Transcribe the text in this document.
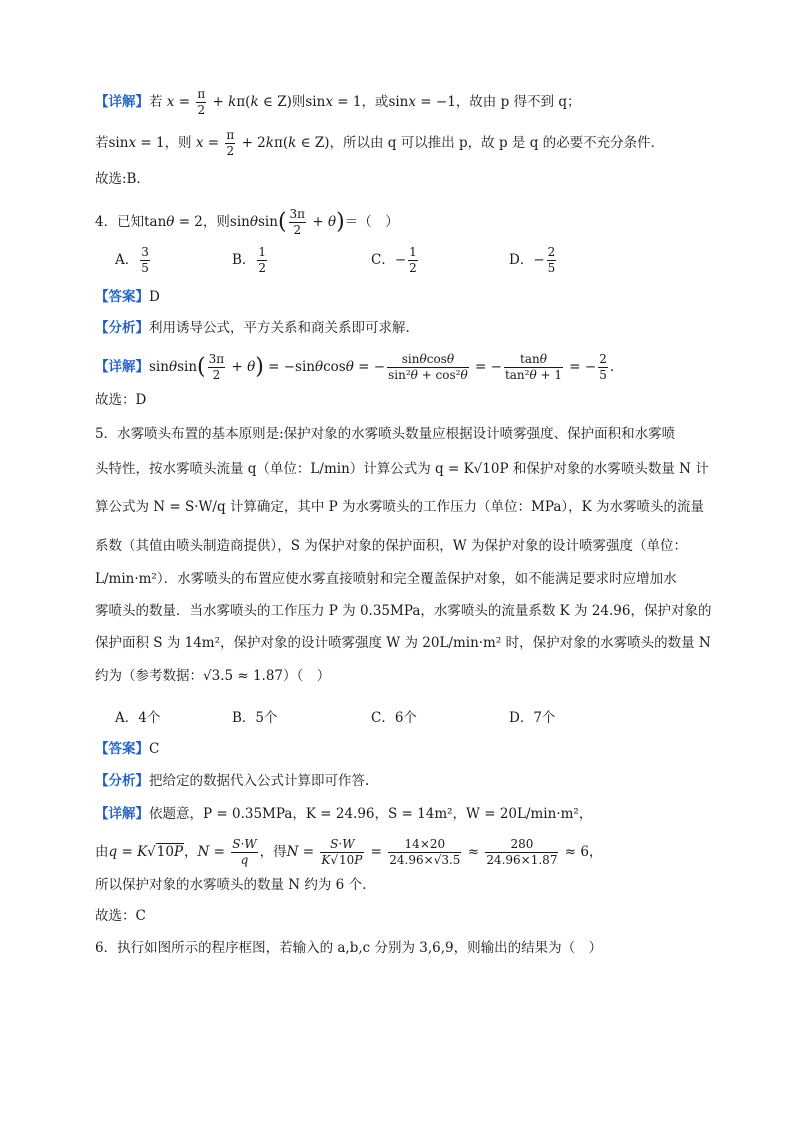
【详解】若 $x = \frac{\pi}{2} + k\pi(k$ ∈ Z)则sinx = 1，或sinx = −1，故由 p 得不到 q；
若sinx = 1，则 $x = \frac{\pi}{2} + 2k\pi(k$ ∈ Z)，所以由 q 可以推出 p，故 p 是 q 的必要不充分条件．
故选:B．
4．已知tanθ = 2，则$\sin\theta\sin( \frac{3\pi}{2} + \theta)=$（　）
A． $\frac{3}{5}$	B． $\frac{1}{2}$	C．− $\frac{1}{2}$	D．− $\frac{2}{5}$
【答案】D
【分析】利用诱导公式，平方关系和商关系即可求解.
【详解】$\sin\theta\sin( \frac{3\pi}{2} + \theta) = -\sin\theta\cos\theta$ = − $\frac{\sin\theta\cos\theta}{\text{sin²θ + cos²θ}}$ = − $\frac{\tan\theta}{\text{tan²θ + 1}}$ = − $\frac{2}{5}$ .
故选：D
5．水雾喷头布置的基本原则是:保护对象的水雾喷头数量应根据设计喷雾强度、保护面积和水雾喷
头特性，按水雾喷头流量 q（单位：L/min）计算公式为 q = K√10P 和保护对象的水雾喷头数量 N 计
算公式为 N = S·W/q 计算确定，其中 P 为水雾喷头的工作压力（单位：MPa），K 为水雾喷头的流量
系数（其值由喷头制造商提供），S 为保护对象的保护面积，W 为保护对象的设计喷雾强度（单位：
L/min·m²）．水雾喷头的布置应使水雾直接喷射和完全覆盖保护对象，如不能满足要求时应增加水
雾喷头的数量．当水雾喷头的工作压力 P 为 0.35MPa，水雾喷头的流量系数 K 为 24.96，保护对象的
保护面积 S 为 14m²，保护对象的设计喷雾强度 W 为 20L/min·m² 时，保护对象的水雾喷头的数量 N
约为（参考数据：√3.5 ≈ 1.87）（　）
A．4个	B．5个	C．6个	D．7个
【答案】C
【分析】把给定的数据代入公式计算即可作答.
【详解】依题意，P = 0.35MPa，K = 24.96，S = 14m²，W = 20L/min·m²，
由q = K√10P，$N = \frac{S\cdot W}{q}$ ，得$N = \frac{S\cdot W}{K√10P} = \frac{14\times 20}{24.96\times√3.5} \approx \frac{280}{24.96\times 1.87} \approx 6$，
所以保护对象的水雾喷头的数量 N 约为 6 个.
故选：C
6．执行如图所示的程序框图，若输入的 a,b,c 分别为 3,6,9，则输出的结果为（　）
